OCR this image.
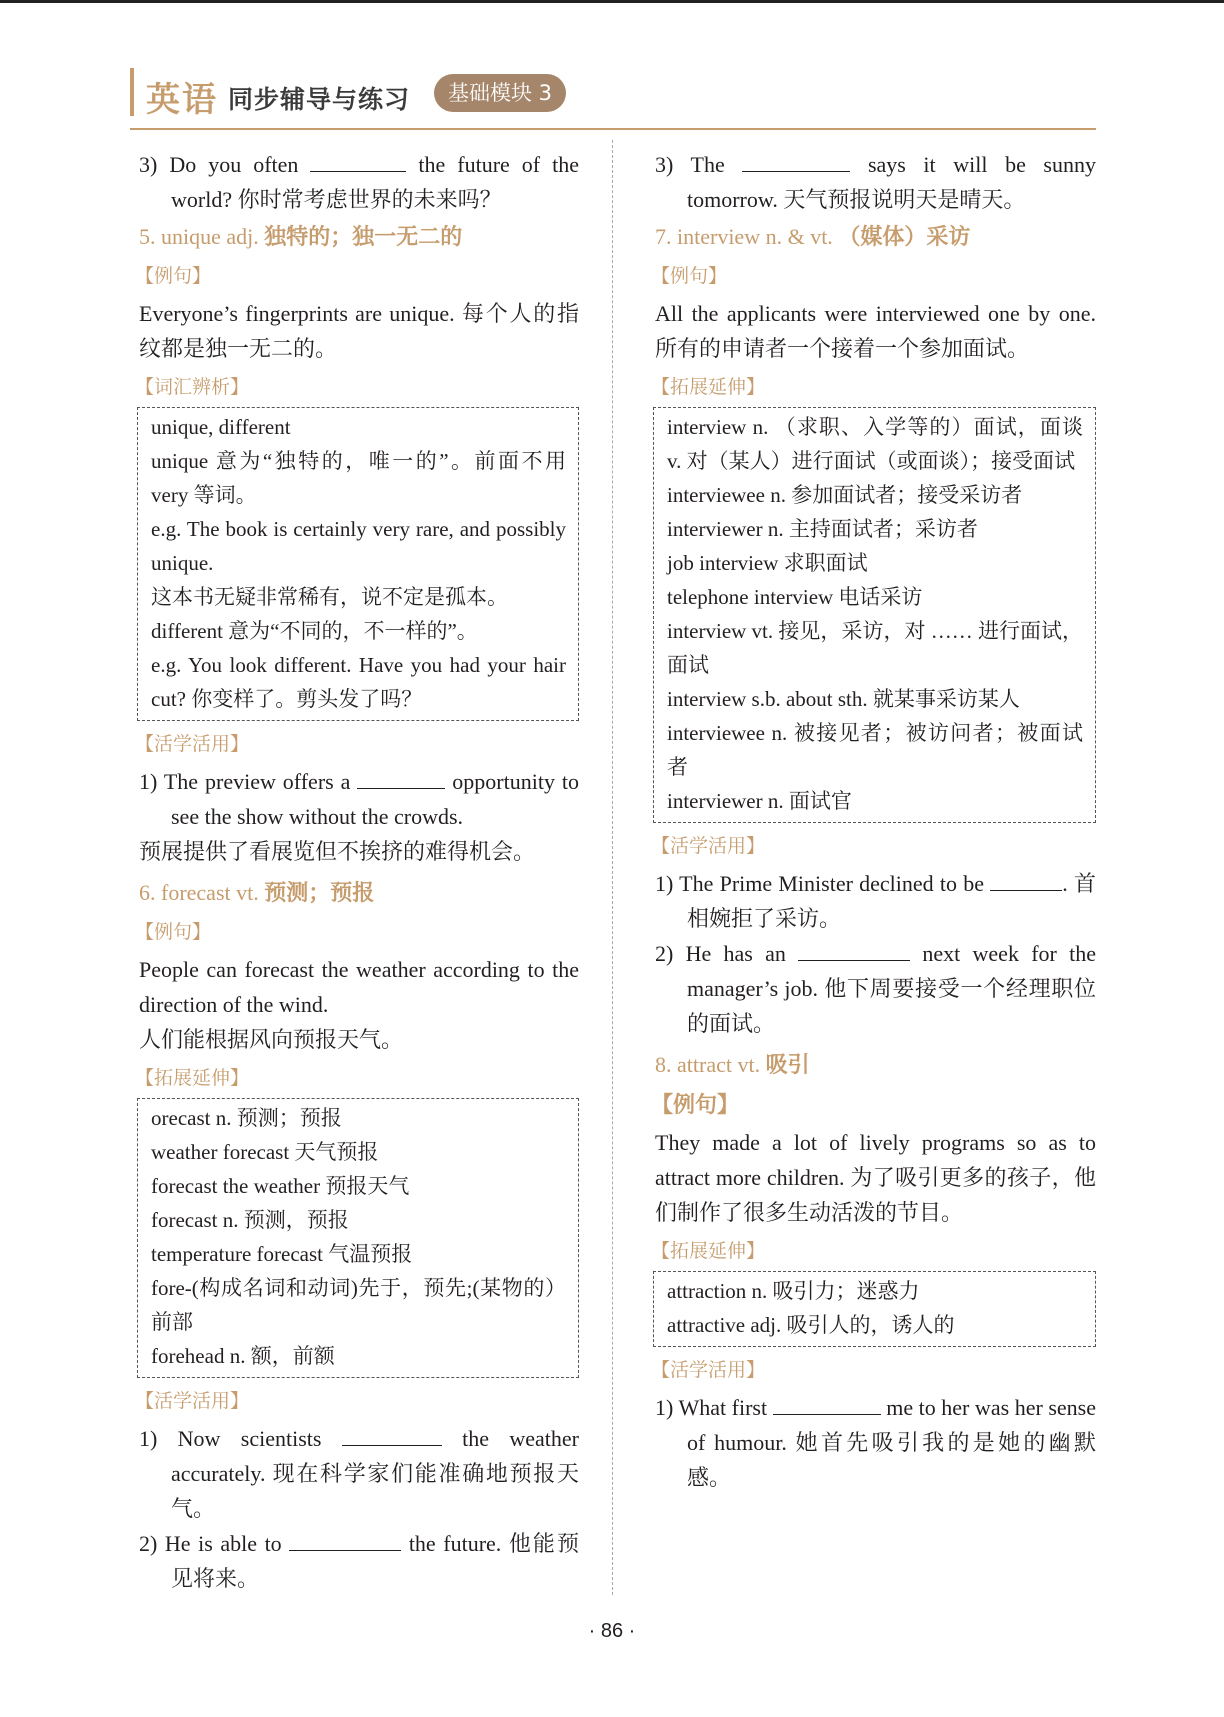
英语 同步辅导与练习	基础模块 3

3) Do you often	the future of the world? 你时常考虑世界的未来吗？

5. unique adj. 独特的；独一无二的
【例句】

Everyone’s fingerprints are unique. 每个人的指纹都是独一无二的。

【词汇辨析】

unique, different

unique 意为“独特的，唯一的”。前面不用 very 等词。

e.g. The book is certainly very rare, and possibly unique.

这本书无疑非常稀有，说不定是孤本。

different 意为“不同的，不一样的”。

e.g. You look different. Have you had your hair cut? 你变样了。剪头发了吗？

【活学活用】

1) The preview offers a	opportunity to see the show without the crowds.

预展提供了看展览但不挨挤的难得机会。

6. forecast vt. 预测；预报
【例句】

People can forecast the weather according to the direction of the wind.

人们能根据风向预报天气。

【拓展延伸】

orecast n. 预测；预报

weather forecast 天气预报

forecast the weather 预报天气

forecast n. 预测，预报

temperature forecast 气温预报

fore-(构成名词和动词)先于，预先;(某物的）前部

forehead n. 额，前额

【活学活用】

1) Now scientists	the weather accurately. 现在科学家们能准确地预报天气。

2) He is able to	the future. 他能预见将来。

3) The	says it will be sunny tomorrow. 天气预报说明天是晴天。

7. interview n. & vt. （媒体）采访
【例句】

All the applicants were interviewed one by one. 所有的申请者一个接着一个参加面试。

【拓展延伸】

interview n. （求职、入学等的）面试，面谈 v. 对（某人）进行面试（或面谈）；接受面试

interviewee n. 参加面试者；接受采访者

interviewer n. 主持面试者；采访者

job interview 求职面试

telephone interview 电话采访

interview vt. 接见，采访，对 …… 进行面试，面试

interview s.b. about sth. 就某事采访某人

interviewee n. 被接见者；被访问者；被面试者

interviewer n. 面试官

【活学活用】

1) The Prime Minister declined to be	. 首相婉拒了采访。

2) He has an	next week for the manager’s job. 他下周要接受一个经理职位的面试。

8. attract vt. 吸引
【例句】

They made a lot of lively programs so as to attract more children. 为了吸引更多的孩子，他们制作了很多生动活泼的节目。

【拓展延伸】

attraction n. 吸引力；迷惑力

attractive adj. 吸引人的，诱人的

【活学活用】

1) What first	me to her was her sense of humour. 她首先吸引我的是她的幽默感。

· 86 ·
